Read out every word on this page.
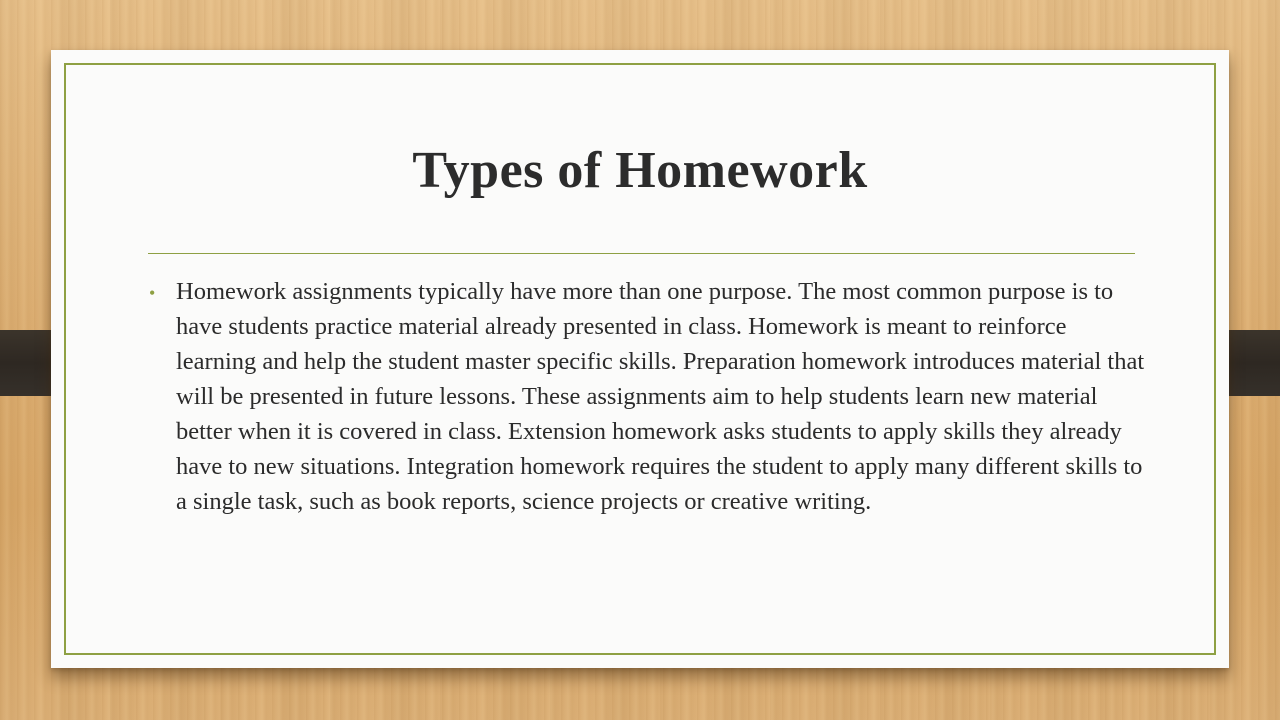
Types of Homework
• Homework assignments typically have more than one purpose. The most common purpose is to have students practice material already presented in class. Homework is meant to reinforce learning and help the student master specific skills. Preparation homework introduces material that will be presented in future lessons. These assignments aim to help students learn new material better when it is covered in class. Extension homework asks students to apply skills they already have to new situations. Integration homework requires the student to apply many different skills to a single task, such as book reports, science projects or creative writing.
